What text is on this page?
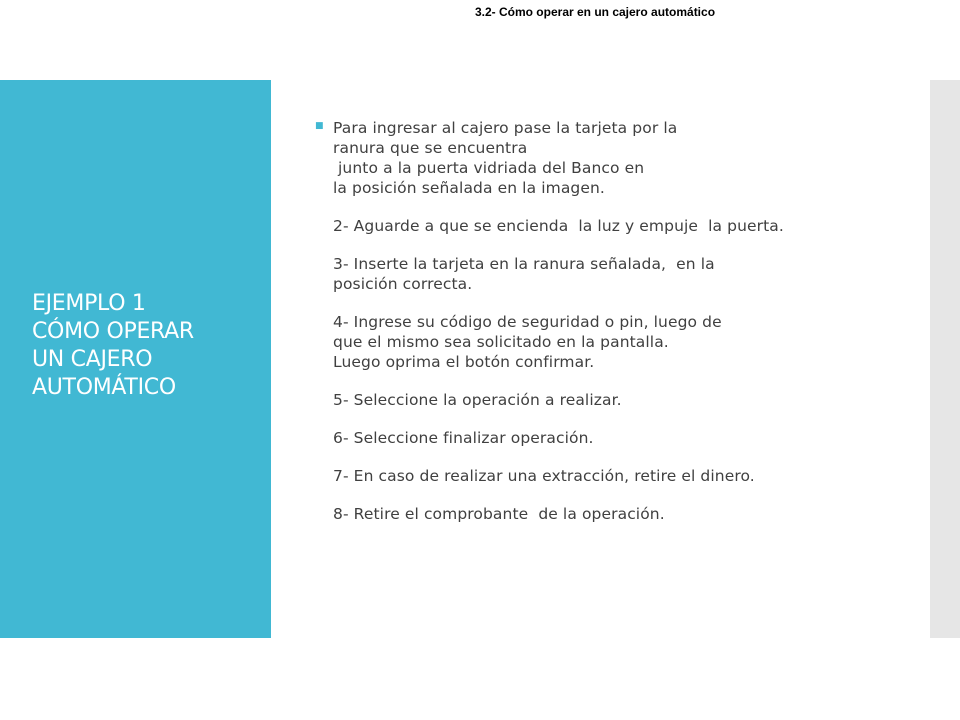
3.2- Cómo operar en un cajero automático
EJEMPLO 1
CÓMO OPERAR
UN CAJERO
AUTOMÁTICO
■ Para ingresar al cajero pase la tarjeta por la
ranura que se encuentra
junto a la puerta vidriada del Banco en
la posición señalada en la imagen.
2- Aguarde a que se encienda  la luz y empuje  la puerta.
3- Inserte la tarjeta en la ranura señalada,  en la
posición correcta.
4- Ingrese su código de seguridad o pin, luego de
que el mismo sea solicitado en la pantalla.
Luego oprima el botón confirmar.
5- Seleccione la operación a realizar.
6- Seleccione finalizar operación.
7- En caso de realizar una extracción, retire el dinero.
8- Retire el comprobante  de la operación.
